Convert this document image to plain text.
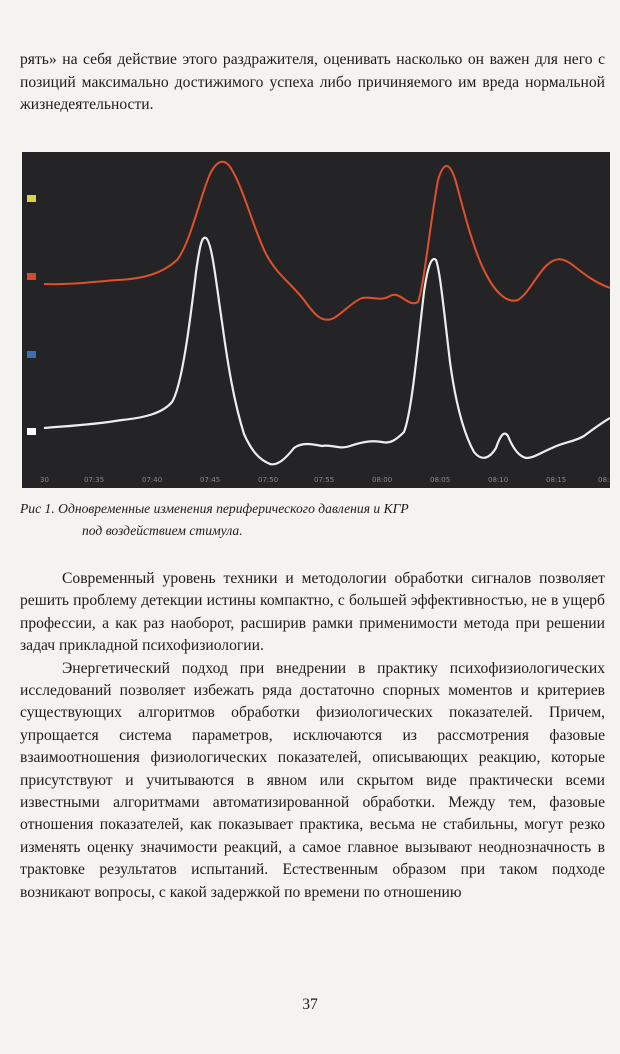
рять» на себя действие этого раздражителя, оценивать насколько он важен для него с позиций максимально достижимого успеха либо причиняемого им вреда нормальной жизнедеятельности.
30	07:35	07:40	07:45	07:50	07:55	08:00	08:05	08:10	08:15	08:
Рис 1. Одновременные изменения периферического давления и КГР
под воздействием стимула.

Современный уровень техники и методологии обработки сигналов позволяет решить проблему детекции истины компактно, с большей эффективностью, не в ущерб профессии, а как раз наоборот, расширив рамки применимости метода при решении задач прикладной психофизиологии.

Энергетический подход при внедрении в практику психофизиологических исследований позволяет избежать ряда достаточно спорных моментов и критериев существующих алгоритмов обработки физиологических показателей. Причем, упрощается система параметров, исключаются из рассмотрения фазовые взаимоотношения физиологических показателей, описывающих реакцию, которые присутствуют и учитываются в явном или скрытом виде практически всеми известными алгоритмами автоматизированной обработки. Между тем, фазовые отношения показателей, как показывает практика, весьма не стабильны, могут резко изменять оценку значимости реакций, а самое главное вызывают неоднозначность в трактовке результатов испытаний. Естественным образом при таком подходе возникают вопросы, с какой задержкой по времени по отношению

37
